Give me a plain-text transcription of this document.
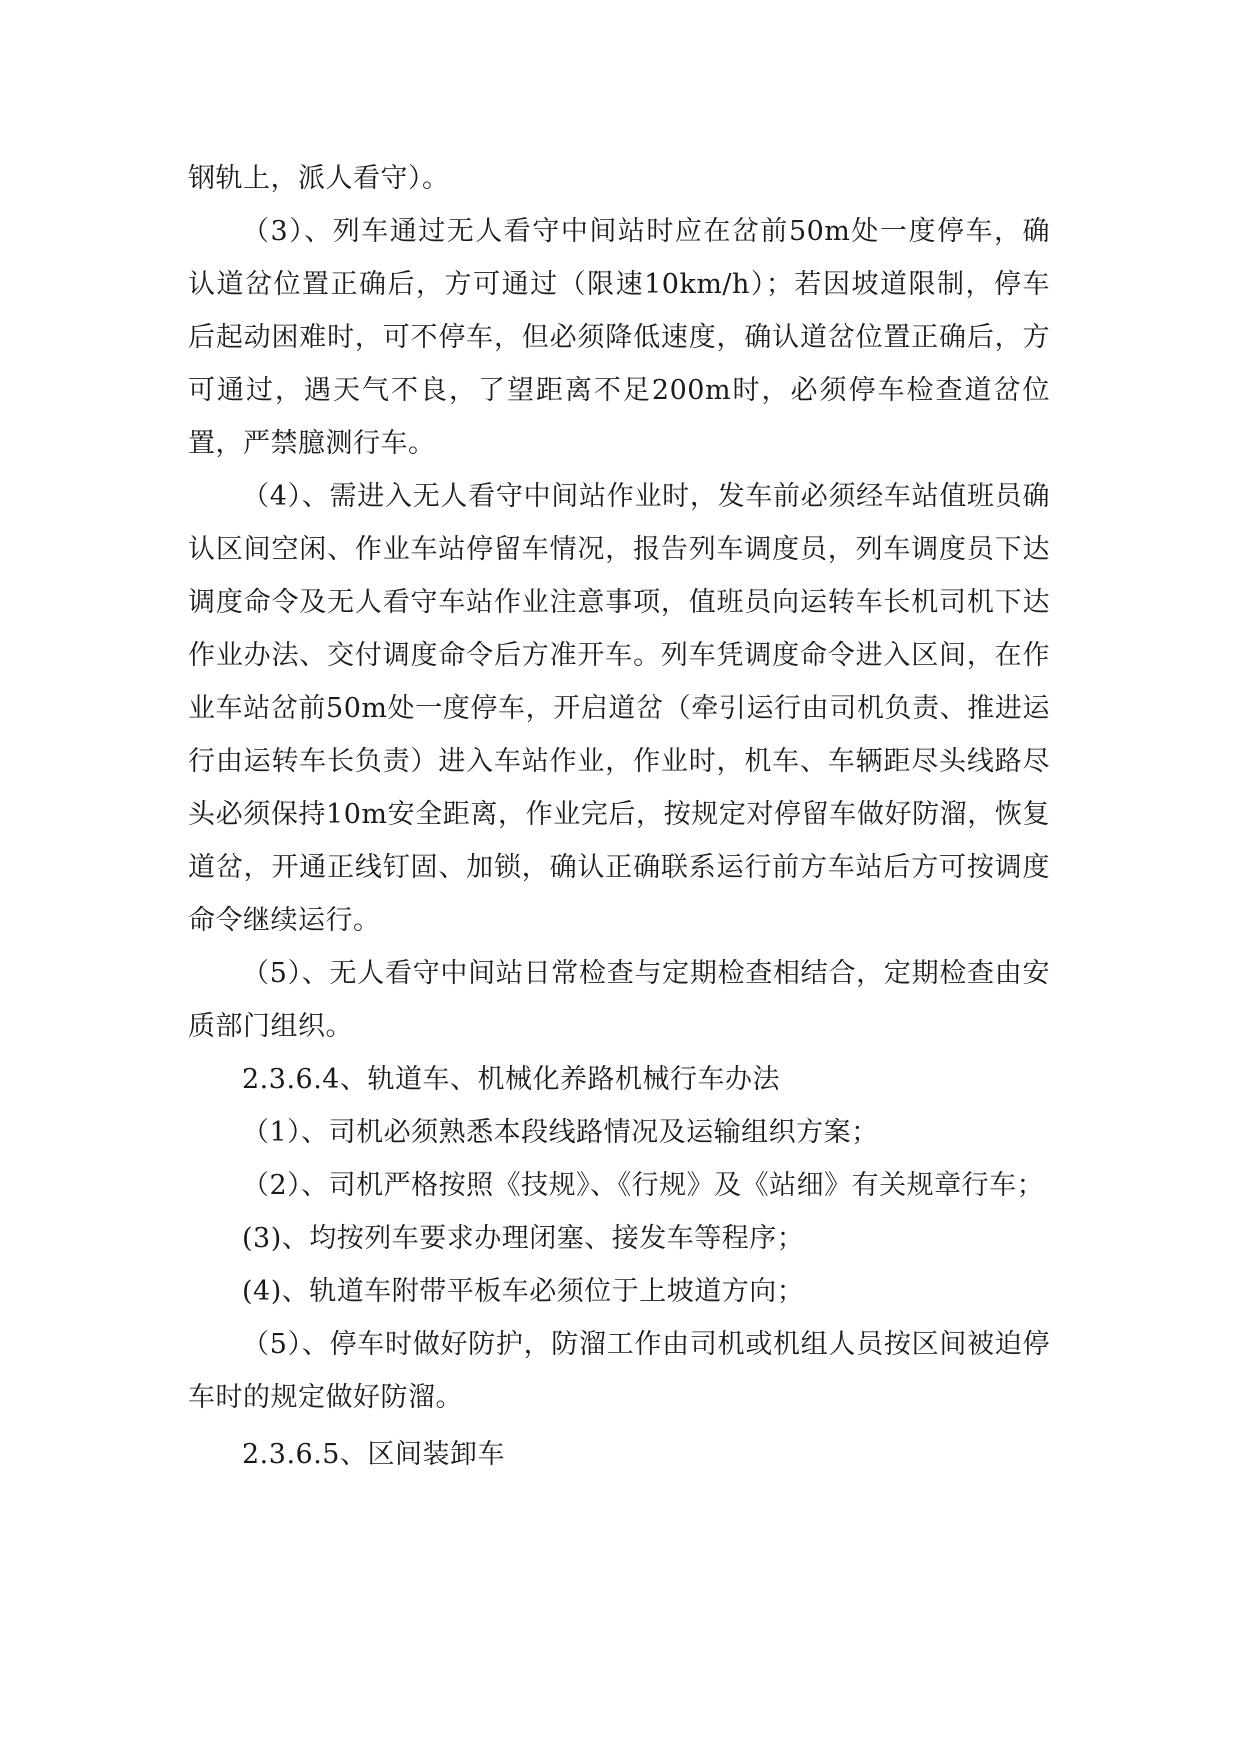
钢轨上，派人看守）。

（3）、列车通过无人看守中间站时应在岔前50m处一度停车，确认道岔位置正确后，方可通过（限速10km/h）；若因坡道限制，停车后起动困难时，可不停车，但必须降低速度，确认道岔位置正确后，方可通过，遇天气不良，了望距离不足200m时，必须停车检查道岔位置，严禁臆测行车。

（4）、需进入无人看守中间站作业时，发车前必须经车站值班员确认区间空闲、作业车站停留车情况，报告列车调度员，列车调度员下达调度命令及无人看守车站作业注意事项，值班员向运转车长机司机下达作业办法、交付调度命令后方准开车。列车凭调度命令进入区间，在作业车站岔前50m处一度停车，开启道岔（牵引运行由司机负责、推进运行由运转车长负责）进入车站作业，作业时，机车、车辆距尽头线路尽头必须保持10m安全距离，作业完后，按规定对停留车做好防溜，恢复道岔，开通正线钉固、加锁，确认正确联系运行前方车站后方可按调度命令继续运行。

（5）、无人看守中间站日常检查与定期检查相结合，定期检查由安质部门组织。

2.3.6.4、轨道车、机械化养路机械行车办法

（1）、司机必须熟悉本段线路情况及运输组织方案；

（2）、司机严格按照《技规》、《行规》及《站细》有关规章行车；

(3)、均按列车要求办理闭塞、接发车等程序；

(4)、轨道车附带平板车必须位于上坡道方向；

（5）、停车时做好防护，防溜工作由司机或机组人员按区间被迫停车时的规定做好防溜。

2.3.6.5、区间装卸车
